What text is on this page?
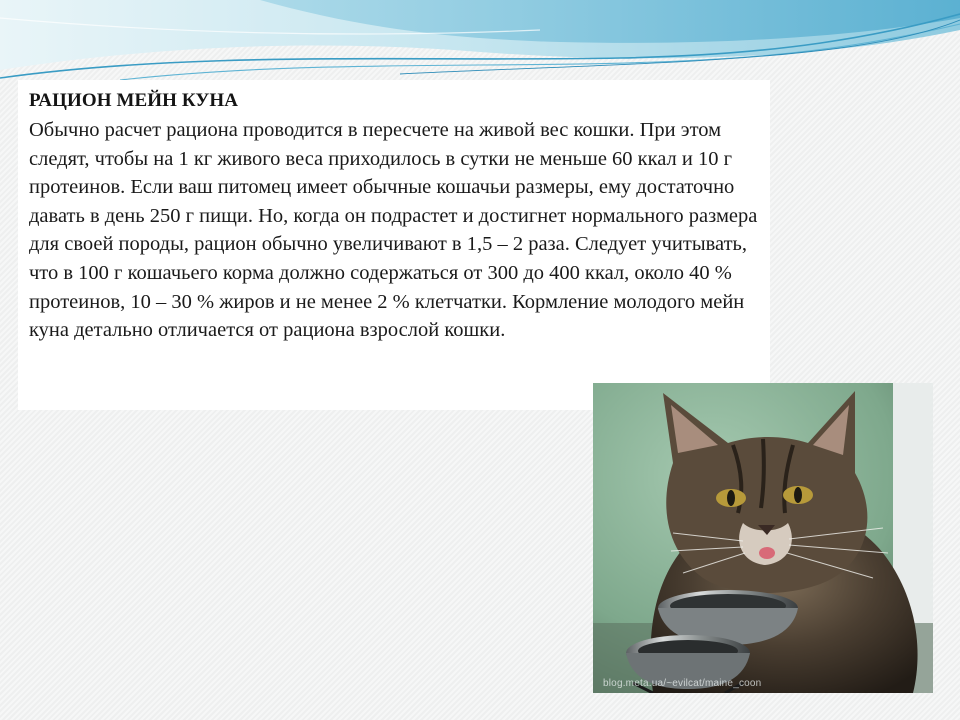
РАЦИОН МЕЙН КУНА

Обычно расчет рациона проводится в пересчете на живой вес кошки. При этом следят, чтобы на 1 кг живого веса приходилось в сутки не меньше 60 ккал и 10 г протеинов. Если ваш питомец имеет обычные кошачьи размеры, ему достаточно давать в день 250 г пищи. Но, когда он подрастет и достигнет нормального размера для своей породы, рацион обычно увеличивают в 1,5 – 2 раза. Следует учитывать, что в 100 г кошачьего корма должно содержаться от 300 до 400 ккал, около 40 % протеинов, 10 – 30 % жиров и не менее 2 % клетчатки. Кормление молодого мейн куна детально отличается от рациона взрослой кошки.

blog.meta.ua/~evilcat/maine_coon
